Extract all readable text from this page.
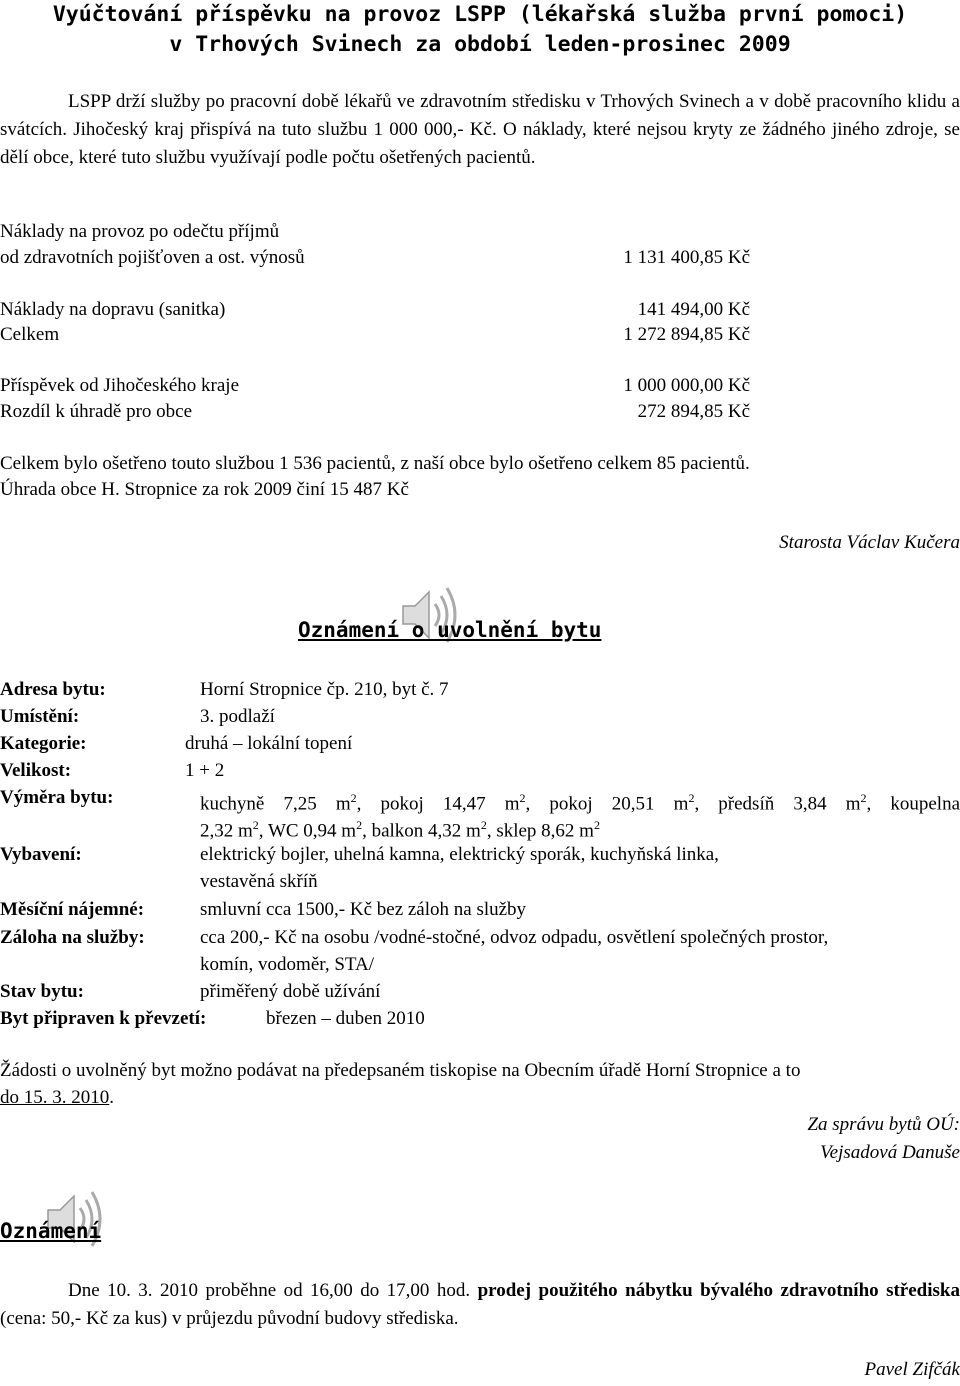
Vyúčtování příspěvku na provoz LSPP (lékařská služba první pomoci)
v Trhových Svinech za období leden-prosinec 2009
LSPP drží služby po pracovní době lékařů ve zdravotním středisku v Trhových Svinech a v době pracovního klidu a svátcích. Jihočeský kraj přispívá na tuto službu 1 000 000,- Kč. O náklady, které nejsou kryty ze žádného jiného zdroje, se dělí obce, které tuto službu využívají podle počtu ošetřených pacientů.
Náklady na provoz po odečtu příjmů
od zdravotních pojišťoven a ost. výnosů	1 131 400,85 Kč
Náklady na dopravu (sanitka)	141 494,00 Kč
Celkem	1 272 894,85 Kč
Příspěvek od Jihočeského kraje	1 000 000,00 Kč
Rozdíl k úhradě pro obce	272 894,85 Kč
Celkem bylo ošetřeno touto službou 1 536 pacientů, z naší obce bylo ošetřeno celkem 85 pacientů.
Úhrada obce H. Stropnice za rok 2009 činí 15 487 Kč
Starosta Václav Kučera
Oznámení o uvolnění bytu
Adresa bytu:	Horní Stropnice čp. 210, byt č. 7
Umístění:	3. podlaží
Kategorie:	druhá – lokální topení
Velikost:	1 + 2
Výměra bytu:	kuchyně 7,25 $m^2$, pokoj 14,47 $m^2$, pokoj 20,51 $m^2$, předsíň 3,84 $m^2$, koupelna
2,32 $m^2$, WC 0,94 $m^2$, balkon 4,32 $m^2$, sklep 8,62 $m^2$
Vybavení:	elektrický bojler, uhelná kamna, elektrický sporák, kuchyňská linka,
vestavěná skříň
Měsíční nájemné:	smluvní cca 1500,- Kč bez záloh na služby
Záloha na služby:	cca 200,- Kč na osobu /vodné-stočné, odvoz odpadu, osvětlení společných prostor,
komín, vodoměr, STA/
Stav bytu:	přiměřený době užívání
Byt připraven k převzetí:	březen – duben 2010
Žádosti o uvolněný byt možno podávat na předepsaném tiskopise na Obecním úřadě Horní Stropnice a to
do 15. 3. 2010.
Za správu bytů OÚ:
Vejsadová Danuše
Oznámení
Dne 10. 3. 2010 proběhne od 16,00 do 17,00 hod. prodej použitého nábytku bývalého zdravotního střediska (cena: 50,- Kč za kus) v průjezdu původní budovy střediska.
Pavel Zifčák
